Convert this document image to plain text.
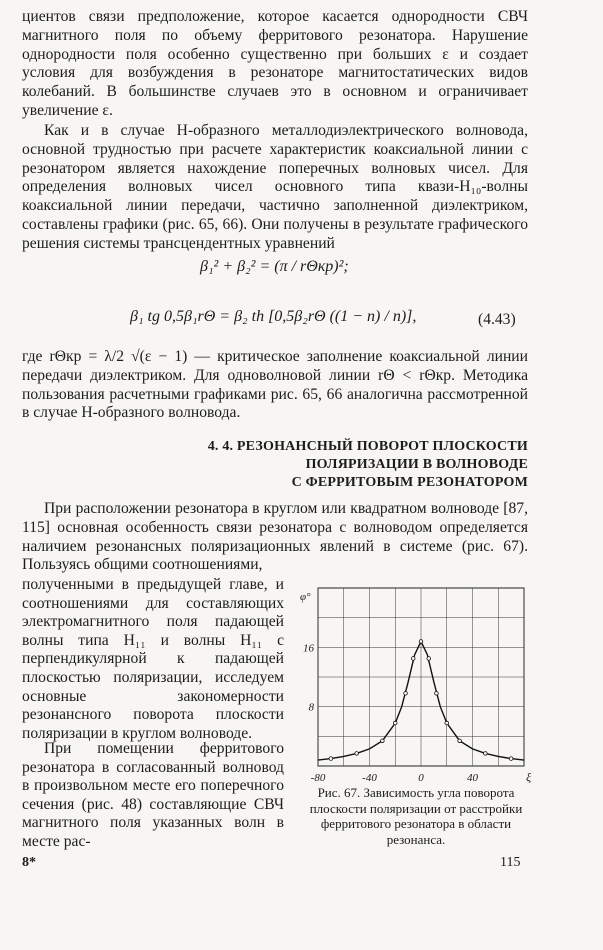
циентов связи предположение, которое касается однородности СВЧ магнитного поля по объему ферритового резонатора. Нарушение однородности поля особенно существенно при больших ε и создает условия для возбуждения в резонаторе магнитостатических видов колебаний. В большинстве случаев это в основном и ограничивает увеличение ε.

Как и в случае Н-образного металлодиэлектрического волновода, основной трудностью при расчете характеристик коаксиальной линии с резонатором является нахождение поперечных волновых чисел. Для определения волновых чисел основного типа квази-H₁₀-волны коаксиальной линии передачи, частично заполненной диэлектриком, составлены графики (рис. 65, 66). Они получены в результате графического решения системы трансцендентных уравнений

β₁² + β₂² = (π / rΘкр)²;
β₁ tg 0,5β₁rΘ = β₂ th [0,5β₂rΘ ((1 − n) / n)],	(4.43)

где rΘкр = λ/2 √(ε − 1) — критическое заполнение коаксиальной линии передачи диэлектриком. Для одноволновой линии rΘ < rΘкр. Методика пользования расчетными графиками рис. 65, 66 аналогична рассмотренной в случае Н-образного волновода.

4. 4. РЕЗОНАНСНЫЙ ПОВОРОТ ПЛОСКОСТИ
ПОЛЯРИЗАЦИИ В ВОЛНОВОДЕ
С ФЕРРИТОВЫМ РЕЗОНАТОРОМ

При расположении резонатора в круглом или квадратном волноводе [87, 115] основная особенность связи резонатора с волноводом определяется наличием резонансных поляризационных явлений в системе (рис. 67). Пользуясь общими соотношениями,

полученными в предыдущей главе, и соотношениями для составляющих электромагнитного поля падающей волны типа H₁₁ и волны H₁₁ с перпендикулярной к падающей плоскостью поляризации, исследуем основные закономерности резонансного поворота плоскости поляризации в круглом волноводе.
При помещении ферритового резонатора в согласованный волновод в произвольном месте его поперечного сечения (рис. 48) составляющие СВЧ магнитного поля указанных волн в месте рас-
-80	-40	0	40
8
16
φ°
ξ
Рис. 67. Зависимость угла поворота плоскости поляризации от расстройки ферритового резонатора в области резонанса.
8*	115
